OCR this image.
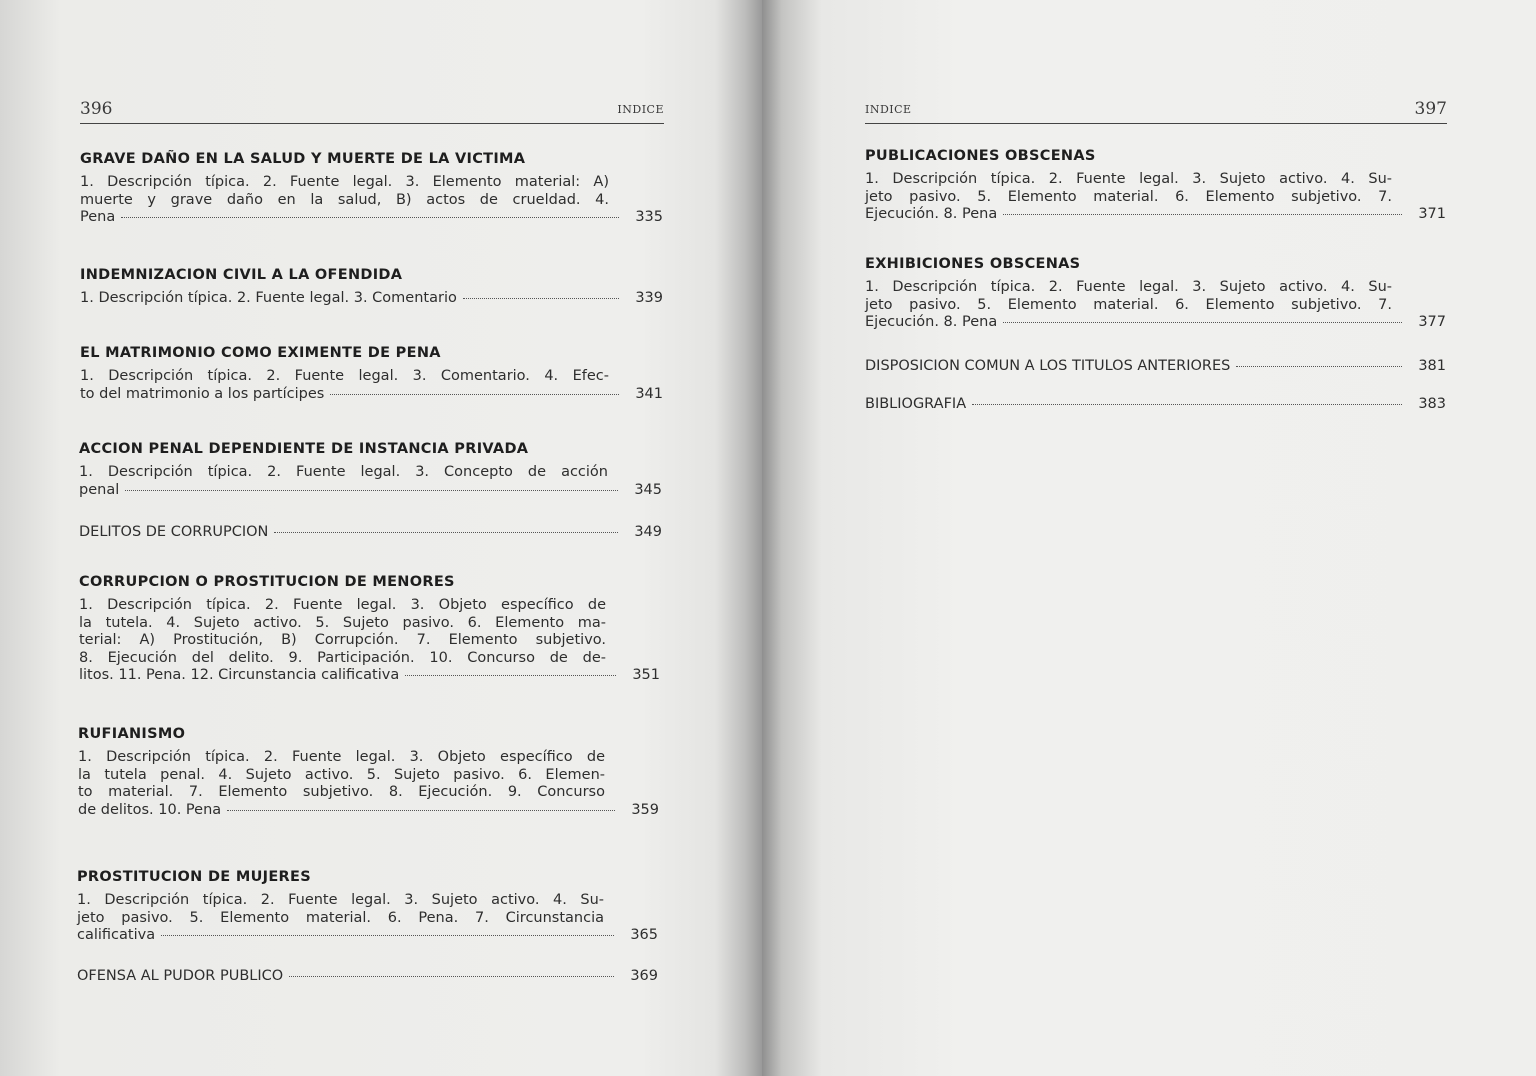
396	INDICE
GRAVE DAÑO EN LA SALUD Y MUERTE DE LA VICTIMA
1. Descripción típica. 2. Fuente legal. 3. Elemento material: A)
muerte y grave daño en la salud, B) actos de crueldad. 4.
Pena	335
INDEMNIZACION CIVIL A LA OFENDIDA
1. Descripción típica. 2. Fuente legal. 3. Comentario	339
EL MATRIMONIO COMO EXIMENTE DE PENA
1. Descripción típica. 2. Fuente legal. 3. Comentario. 4. Efec-
to del matrimonio a los partícipes	341
ACCION PENAL DEPENDIENTE DE INSTANCIA PRIVADA
1. Descripción típica. 2. Fuente legal. 3. Concepto de acción
penal	345
DELITOS DE CORRUPCION	349
CORRUPCION O PROSTITUCION DE MENORES
1. Descripción típica. 2. Fuente legal. 3. Objeto específico de
la tutela. 4. Sujeto activo. 5. Sujeto pasivo. 6. Elemento ma-
terial: A) Prostitución, B) Corrupción. 7. Elemento subjetivo.
8. Ejecución del delito. 9. Participación. 10. Concurso de de-
litos. 11. Pena. 12. Circunstancia calificativa	351
RUFIANISMO
1. Descripción típica. 2. Fuente legal. 3. Objeto específico de
la tutela penal. 4. Sujeto activo. 5. Sujeto pasivo. 6. Elemen-
to material. 7. Elemento subjetivo. 8. Ejecución. 9. Concurso
de delitos. 10. Pena	359
PROSTITUCION DE MUJERES
1. Descripción típica. 2. Fuente legal. 3. Sujeto activo. 4. Su-
jeto pasivo. 5. Elemento material. 6. Pena. 7. Circunstancia
calificativa	365
OFENSA AL PUDOR PUBLICO	369
INDICE	397
PUBLICACIONES OBSCENAS
1. Descripción típica. 2. Fuente legal. 3. Sujeto activo. 4. Su-
jeto pasivo. 5. Elemento material. 6. Elemento subjetivo. 7.
Ejecución. 8. Pena	371
EXHIBICIONES OBSCENAS
1. Descripción típica. 2. Fuente legal. 3. Sujeto activo. 4. Su-
jeto pasivo. 5. Elemento material. 6. Elemento subjetivo. 7.
Ejecución. 8. Pena	377
DISPOSICION COMUN A LOS TITULOS ANTERIORES	381
BIBLIOGRAFIA	383
